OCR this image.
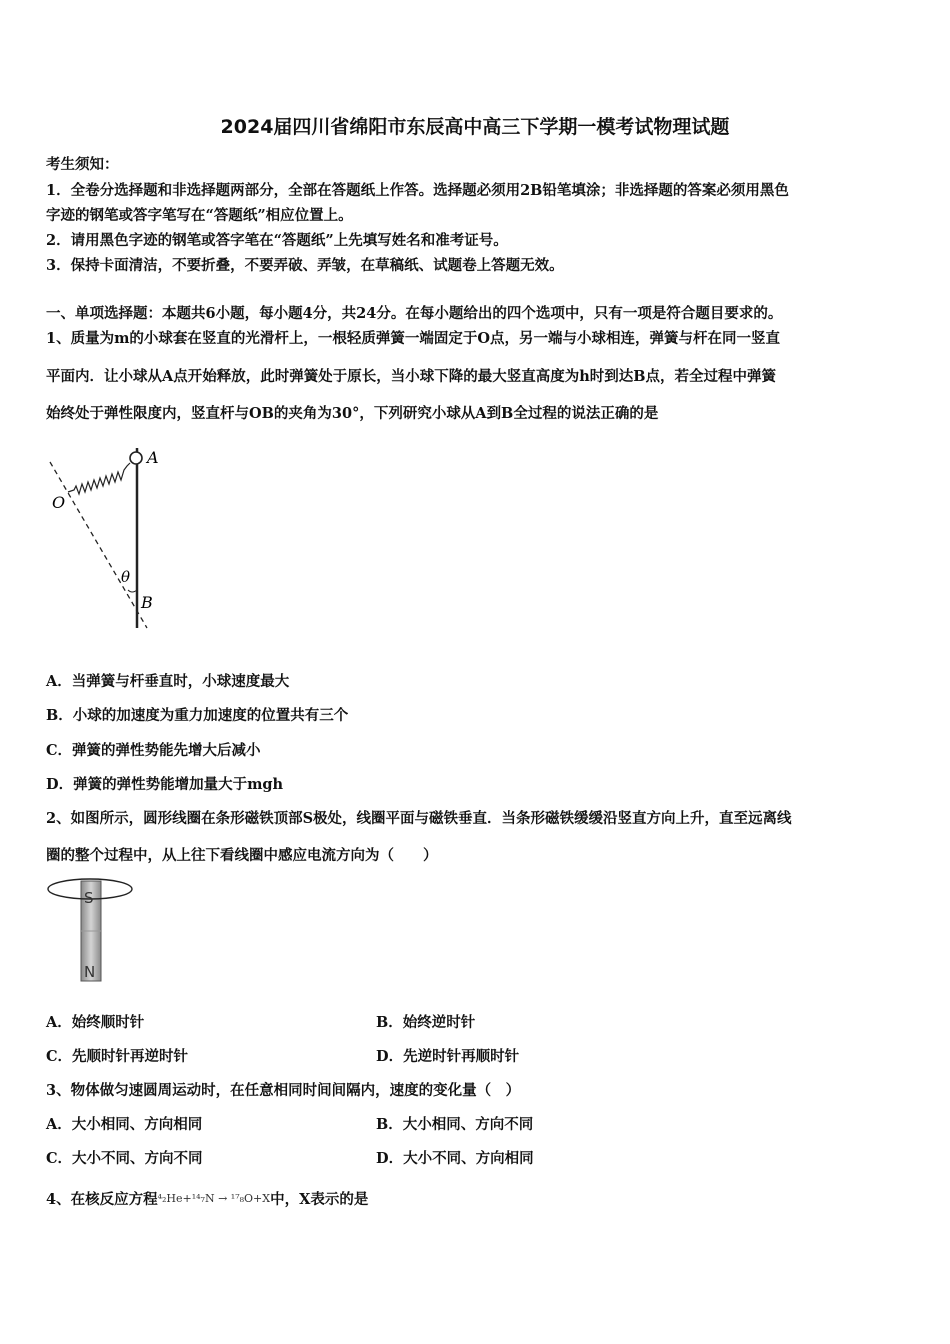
2024届四川省绵阳市东辰高中高三下学期一模考试物理试题
考生须知：
1．全卷分选择题和非选择题两部分，全部在答题纸上作答。选择题必须用2B铅笔填涂；非选择题的答案必须用黑色
字迹的钢笔或答字笔写在“答题纸”相应位置上。
2．请用黑色字迹的钢笔或答字笔在“答题纸”上先填写姓名和准考证号。
3．保持卡面清洁，不要折叠，不要弄破、弄皱，在草稿纸、试题卷上答题无效。
一、单项选择题：本题共6小题，每小题4分，共24分。在每小题给出的四个选项中，只有一项是符合题目要求的。
1、质量为m的小球套在竖直的光滑杆上，一根轻质弹簧一端固定于O点，另一端与小球相连，弹簧与杆在同一竖直
平面内．让小球从A点开始释放，此时弹簧处于原长，当小球下降的最大竖直高度为h时到达B点，若全过程中弹簧
始终处于弹性限度内，竖直杆与OB的夹角为30°，下列研究小球从A到B全过程的说法正确的是
A
O
θ
B
A．当弹簧与杆垂直时，小球速度最大
B．小球的加速度为重力加速度的位置共有三个
C．弹簧的弹性势能先增大后减小
D．弹簧的弹性势能增加量大于mgh
2、如图所示，圆形线圈在条形磁铁顶部S极处，线圈平面与磁铁垂直．当条形磁铁缓缓沿竖直方向上升，直至远离线
圈的整个过程中，从上往下看线圈中感应电流方向为（　　）
S
N
A．始终顺时针	B．始终逆时针
C．先顺时针再逆时针	D．先逆时针再顺时针
3、物体做匀速圆周运动时，在任意相同时间间隔内，速度的变化量（　）
A．大小相同、方向相同	B．大小相同、方向不同
C．大小不同、方向不同	D．大小不同、方向相同
4、在核反应方程⁴₂He+¹⁴₇N → ¹⁷₈O+X中，X表示的是
